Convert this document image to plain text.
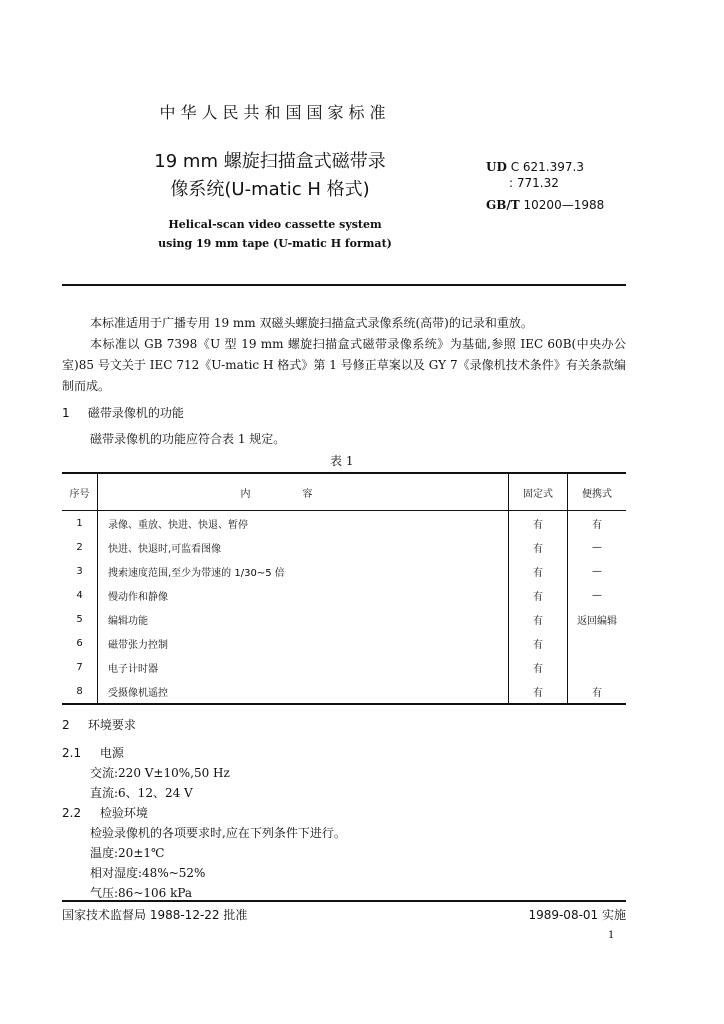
中华人民共和国国家标准
19 mm 螺旋扫描盒式磁带录
像系统(U-matic H 格式)
Helical-scan video cassette system
using 19 mm tape (U-matic H format)
UD C 621.397.3
: 771.32
GB/T 10200—1988
本标准适用于广播专用 19 mm 双磁头螺旋扫描盒式录像系统(高带)的记录和重放。
本标准以 GB 7398《U 型 19 mm 螺旋扫描盒式磁带录像系统》为基础,参照 IEC 60B(中央办公室)85 号文关于 IEC 712《U-matic H 格式》第 1 号修正草案以及 GY 7《录像机技术条件》有关条款编制而成。
1 磁带录像机的功能
磁带录像机的功能应符合表 1 规定。
表 1
序号	内容	固定式	便携式
1	录像、重放、快进、快退、暂停	有	有
2	快进、快退时,可监看图像	有	—
3	搜索速度范围,至少为带速的 1/30~5 倍	有	—
4	慢动作和静像	有	—
5	编辑功能	有	返回编辑
6	磁带张力控制	有	
7	电子计时器	有	
8	受摄像机遥控	有	有
2 环境要求
2.1 电源
交流:220 V±10%,50 Hz
直流:6、12、24 V
2.2 检验环境
检验录像机的各项要求时,应在下列条件下进行。
温度:20±1℃
相对湿度:48%~52%
气压:86~106 kPa
国家技术监督局 1988-12-22 批准	1989-08-01 实施
1
